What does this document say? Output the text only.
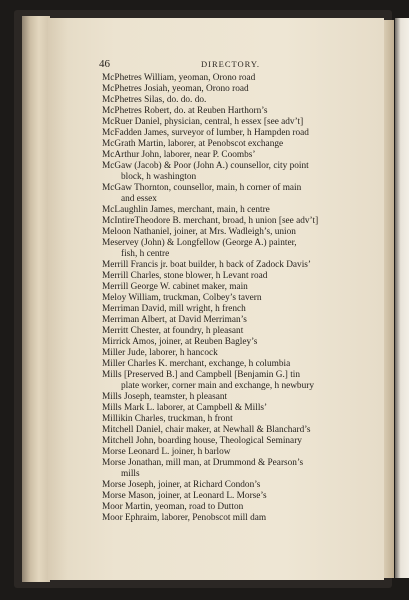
46	DIRECTORY.
McPhetres William, yeoman, Orono road
McPhetres Josiah, yeoman, Orono road
McPhetres Silas, do. do. do.
McPhetres Robert, do. at Reuben Harthorn’s
McRuer Daniel, physician, central, h essex [see adv’t]
McFadden James, surveyor of lumber, h Hampden road
McGrath Martin, laborer, at Penobscot exchange
McArthur John, laborer, near P. Coombs’
McGaw (Jacob) & Poor (John A.) counsellor, city point
block, h washington
McGaw Thornton, counsellor, main, h corner of main
and essex
McLaughlin James, merchant, main, h centre
McIntireTheodore B. merchant, broad, h union [see adv’t]
Meloon Nathaniel, joiner, at Mrs. Wadleigh’s, union
Meservey (John) & Longfellow (George A.) painter,
fish, h centre
Merrill Francis jr. boat builder, h back of Zadock Davis’
Merrill Charles, stone blower, h Levant road
Merrill George W. cabinet maker, main
Meloy William, truckman, Colbey’s tavern
Merriman David, mill wright, h french
Merriman Albert, at David Merriman’s
Merritt Chester, at foundry, h pleasant
Mirrick Amos, joiner, at Reuben Bagley’s
Miller Jude, laborer, h hancock
Miller Charles K. merchant, exchange, h columbia
Mills [Preserved B.] and Campbell [Benjamin G.] tin
plate worker, corner main and exchange, h newbury
Mills Joseph, teamster, h pleasant
Mills Mark L. laborer, at Campbell & Mills’
Millikin Charles, truckman, h front
Mitchell Daniel, chair maker, at Newhall & Blanchard’s
Mitchell John, boarding house, Theological Seminary
Morse Leonard L. joiner, h barlow
Morse Jonathan, mill man, at Drummond & Pearson’s
mills
Morse Joseph, joiner, at Richard Condon’s
Morse Mason, joiner, at Leonard L. Morse’s
Moor Martin, yeoman, road to Dutton
Moor Ephraim, laborer, Penobscot mill dam
